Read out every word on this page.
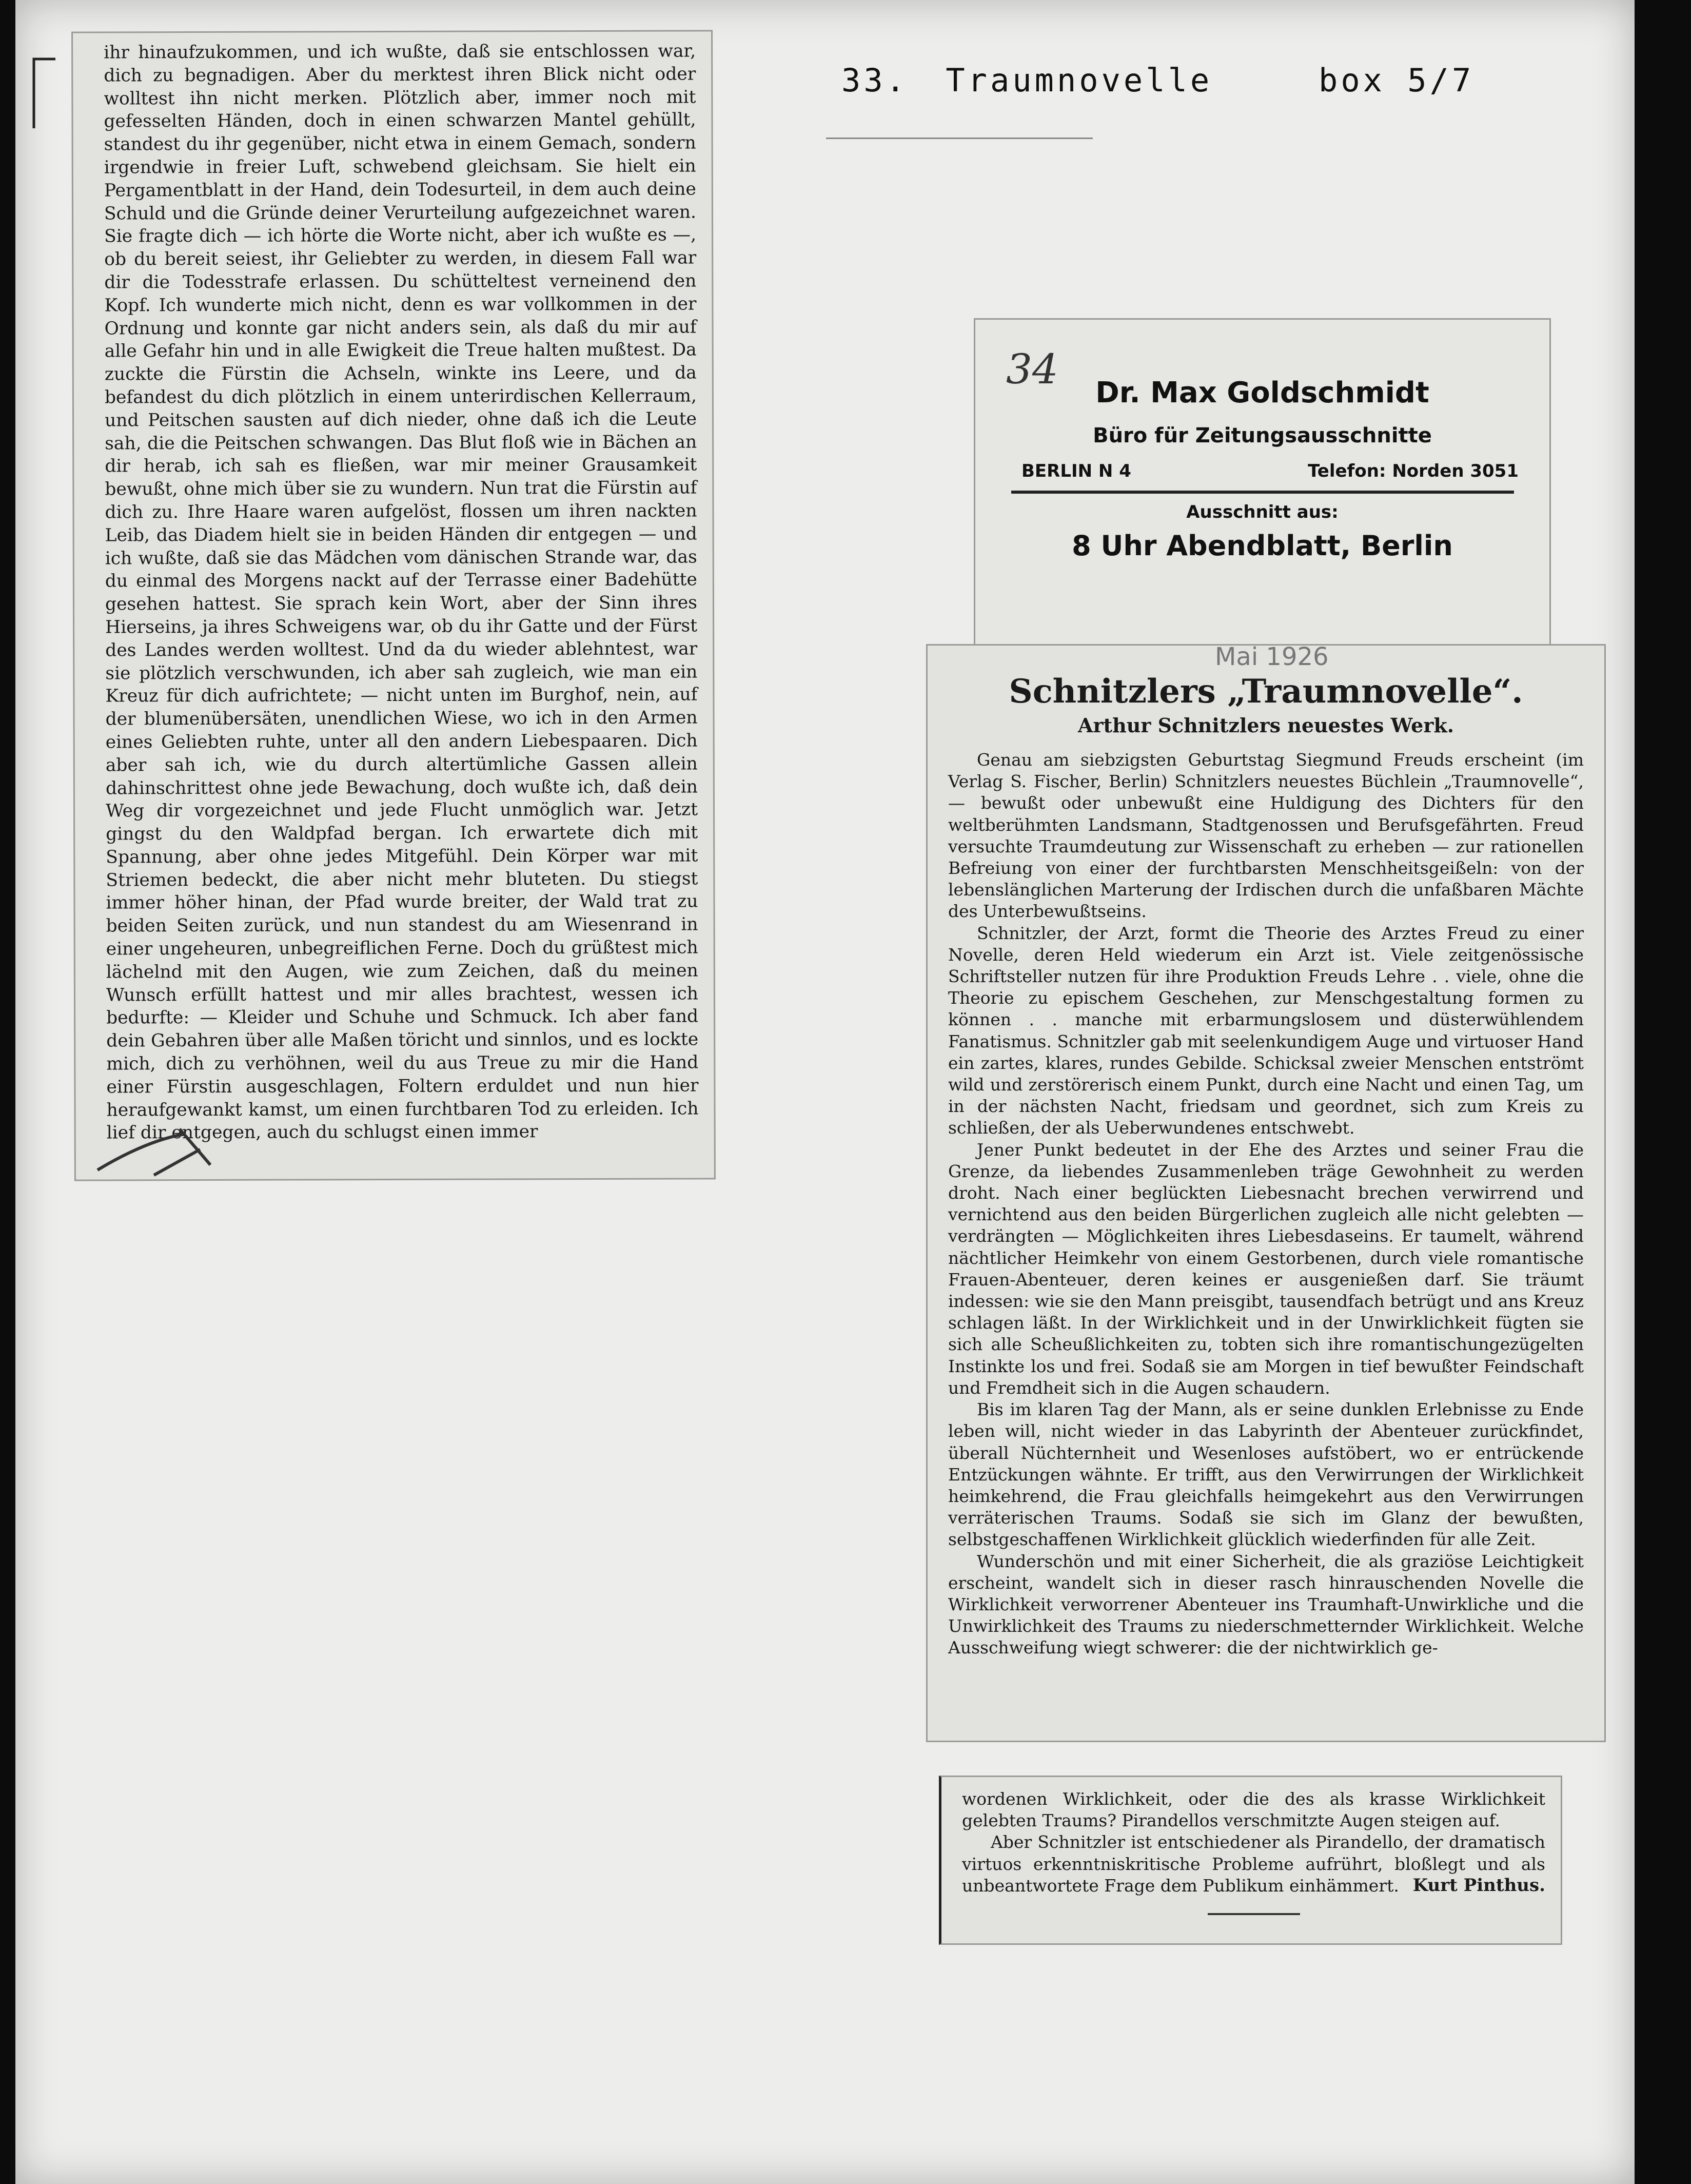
33. Traumnovelle	box 5/7

ihr hinaufzukommen, und ich wußte, daß sie entschlossen war, dich zu begnadigen. Aber du merktest ihren Blick nicht oder wolltest ihn nicht merken. Plötzlich aber, immer noch mit gefesselten Händen, doch in einen schwarzen Mantel gehüllt, standest du ihr gegenüber, nicht etwa in einem Gemach, sondern irgendwie in freier Luft, schwebend gleichsam. Sie hielt ein Pergamentblatt in der Hand, dein Todesurteil, in dem auch deine Schuld und die Gründe deiner Verurteilung aufgezeichnet waren. Sie fragte dich — ich hörte die Worte nicht, aber ich wußte es —, ob du bereit seiest, ihr Geliebter zu werden, in diesem Fall war dir die Todesstrafe erlassen. Du schütteltest verneinend den Kopf. Ich wunderte mich nicht, denn es war vollkommen in der Ordnung und konnte gar nicht anders sein, als daß du mir auf alle Gefahr hin und in alle Ewigkeit die Treue halten mußtest. Da zuckte die Fürstin die Achseln, winkte ins Leere, und da befandest du dich plötzlich in einem unterirdischen Kellerraum, und Peitschen sausten auf dich nieder, ohne daß ich die Leute sah, die die Peitschen schwangen. Das Blut floß wie in Bächen an dir herab, ich sah es fließen, war mir meiner Grausamkeit bewußt, ohne mich über sie zu wundern. Nun trat die Fürstin auf dich zu. Ihre Haare waren aufgelöst, flossen um ihren nackten Leib, das Diadem hielt sie in beiden Händen dir entgegen — und ich wußte, daß sie das Mädchen vom dänischen Strande war, das du einmal des Morgens nackt auf der Terrasse einer Badehütte gesehen hattest. Sie sprach kein Wort, aber der Sinn ihres Hierseins, ja ihres Schweigens war, ob du ihr Gatte und der Fürst des Landes werden wolltest. Und da du wieder ablehntest, war sie plötzlich verschwunden, ich aber sah zugleich, wie man ein Kreuz für dich aufrichtete; — nicht unten im Burghof, nein, auf der blumenübersäten, unendlichen Wiese, wo ich in den Armen eines Geliebten ruhte, unter all den andern Liebespaaren. Dich aber sah ich, wie du durch altertümliche Gassen allein dahinschrittest ohne jede Bewachung, doch wußte ich, daß dein Weg dir vorgezeichnet und jede Flucht unmöglich war. Jetzt gingst du den Waldpfad bergan. Ich erwartete dich mit Spannung, aber ohne jedes Mitgefühl. Dein Körper war mit Striemen bedeckt, die aber nicht mehr bluteten. Du stiegst immer höher hinan, der Pfad wurde breiter, der Wald trat zu beiden Seiten zurück, und nun standest du am Wiesenrand in einer ungeheuren, unbegreiflichen Ferne. Doch du grüßtest mich lächelnd mit den Augen, wie zum Zeichen, daß du meinen Wunsch erfüllt hattest und mir alles brachtest, wessen ich bedurfte: — Kleider und Schuhe und Schmuck. Ich aber fand dein Gebahren über alle Maßen töricht und sinnlos, und es lockte mich, dich zu verhöhnen, weil du aus Treue zu mir die Hand einer Fürstin ausgeschlagen, Foltern erduldet und nun hier heraufgewankt kamst, um einen furchtbaren Tod zu erleiden. Ich lief dir entgegen, auch du schlugst einen immer

34	Dr. Max Goldschmidt
Büro für Zeitungsausschnitte
BERLIN N 4	Telefon: Norden 3051
Ausschnitt aus:
8 Uhr Abendblatt, Berlin
Mai 1926
Schnitzlers „Traumnovelle“.
Arthur Schnitzlers neuestes Werk.

Genau am siebzigsten Geburtstag Siegmund Freuds erscheint (im Verlag S. Fischer, Berlin) Schnitzlers neuestes Büchlein „Traumnovelle“, — bewußt oder unbewußt eine Huldigung des Dichters für den weltberühmten Landsmann, Stadtgenossen und Berufsgefährten. Freud versuchte Traumdeutung zur Wissenschaft zu erheben — zur rationellen Befreiung von einer der furchtbarsten Menschheitsgeißeln: von der lebenslänglichen Marterung der Irdischen durch die unfaßbaren Mächte des Unterbewußtseins.

Schnitzler, der Arzt, formt die Theorie des Arztes Freud zu einer Novelle, deren Held wiederum ein Arzt ist. Viele zeitgenössische Schriftsteller nutzen für ihre Produktion Freuds Lehre . . viele, ohne die Theorie zu epischem Geschehen, zur Menschgestaltung formen zu können . . manche mit erbarmungslosem und düsterwühlendem Fanatismus. Schnitzler gab mit seelenkundigem Auge und virtuoser Hand ein zartes, klares, rundes Gebilde. Schicksal zweier Menschen entströmt wild und zerstörerisch einem Punkt, durch eine Nacht und einen Tag, um in der nächsten Nacht, friedsam und geordnet, sich zum Kreis zu schließen, der als Ueberwundenes entschwebt.

Jener Punkt bedeutet in der Ehe des Arztes und seiner Frau die Grenze, da liebendes Zusammenleben träge Gewohnheit zu werden droht. Nach einer beglückten Liebesnacht brechen verwirrend und vernichtend aus den beiden Bürgerlichen zugleich alle nicht gelebten — verdrängten — Möglichkeiten ihres Liebesdaseins. Er taumelt, während nächtlicher Heimkehr von einem Gestorbenen, durch viele romantische Frauen-Abenteuer, deren keines er ausgenießen darf. Sie träumt indessen: wie sie den Mann preisgibt, tausendfach betrügt und ans Kreuz schlagen läßt. In der Wirklichkeit und in der Unwirklichkeit fügten sie sich alle Scheußlichkeiten zu, tobten sich ihre romantischungezügelten Instinkte los und frei. Sodaß sie am Morgen in tief bewußter Feindschaft und Fremdheit sich in die Augen schaudern.

Bis im klaren Tag der Mann, als er seine dunklen Erlebnisse zu Ende leben will, nicht wieder in das Labyrinth der Abenteuer zurückfindet, überall Nüchternheit und Wesenloses aufstöbert, wo er entrückende Entzückungen wähnte. Er trifft, aus den Verwirrungen der Wirklichkeit heimkehrend, die Frau gleichfalls heimgekehrt aus den Verwirrungen verräterischen Traums. Sodaß sie sich im Glanz der bewußten, selbstgeschaffenen Wirklichkeit glücklich wiederfinden für alle Zeit.

Wunderschön und mit einer Sicherheit, die als graziöse Leichtigkeit erscheint, wandelt sich in dieser rasch hinrauschenden Novelle die Wirklichkeit verworrener Abenteuer ins Traumhaft-Unwirkliche und die Unwirklichkeit des Traums zu niederschmetternder Wirklichkeit. Welche Ausschweifung wiegt schwerer: die der nichtwirklich ge-

wordenen Wirklichkeit, oder die des als krasse Wirklichkeit gelebten Traums? Pirandellos verschmitzte Augen steigen auf.

Aber Schnitzler ist entschiedener als Pirandello, der dramatisch virtuos erkenntniskritische Probleme aufrührt, bloßlegt und als unbeantwortete Frage dem Publikum einhämmert. Kurt Pinthus.
